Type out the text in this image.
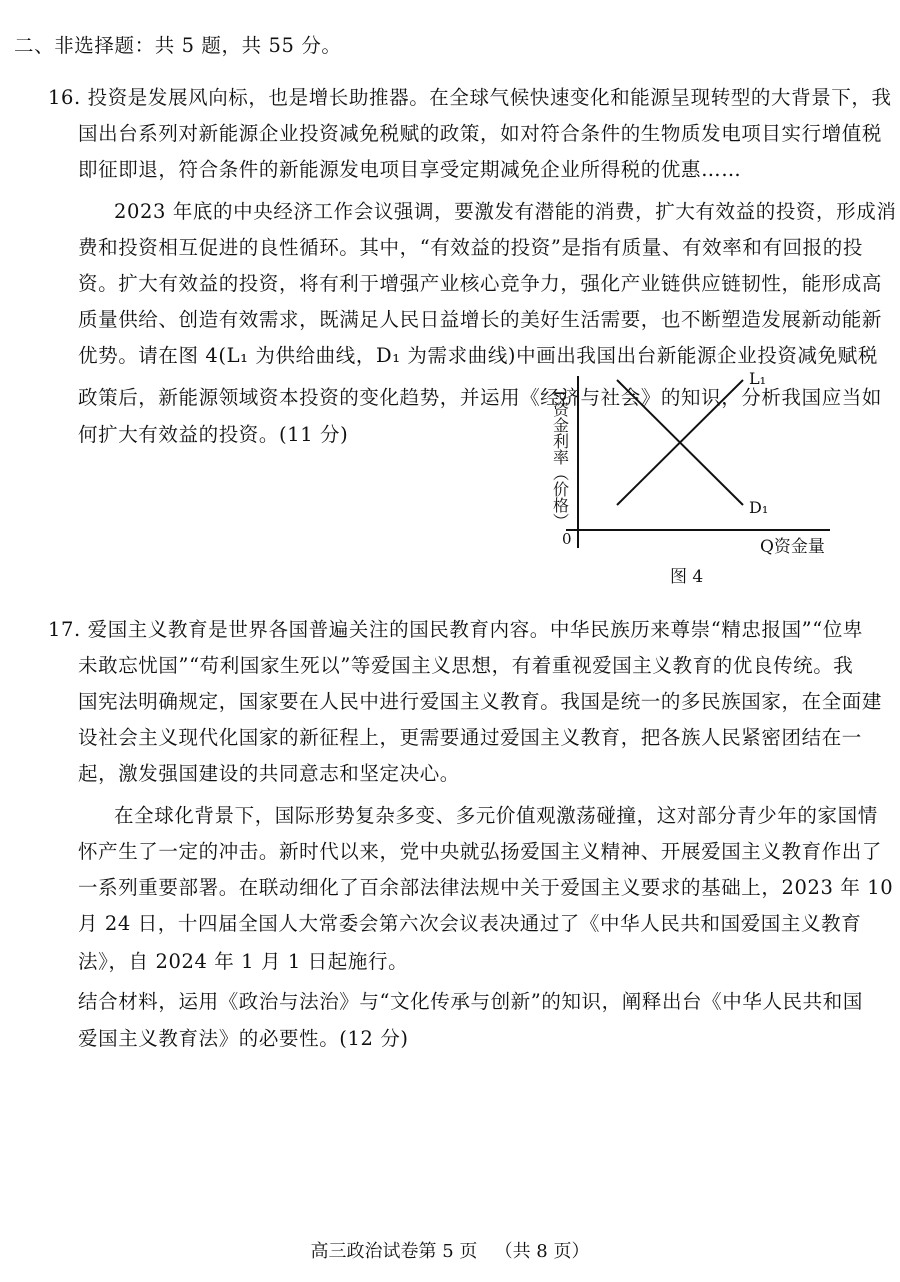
二、非选择题：共 5 题，共 55 分。
16. 投资是发展风向标，也是增长助推器。在全球气候快速变化和能源呈现转型的大背景下，我
国出台系列对新能源企业投资减免税赋的政策，如对符合条件的生物质发电项目实行增值税
即征即退，符合条件的新能源发电项目享受定期减免企业所得税的优惠……
2023 年底的中央经济工作会议强调，要激发有潜能的消费，扩大有效益的投资，形成消
费和投资相互促进的良性循环。其中，“有效益的投资”是指有质量、有效率和有回报的投
资。扩大有效益的投资，将有利于增强产业核心竞争力，强化产业链供应链韧性，能形成高
质量供给、创造有效需求，既满足人民日益增长的美好生活需要，也不断塑造发展新动能新
优势。请在图 4(L₁ 为供给曲线，D₁ 为需求曲线)中画出我国出台新能源企业投资减免赋税
政策后，新能源领域资本投资的变化趋势，并运用《经济与社会》的知识，分析我国应当如
何扩大有效益的投资。(11 分)
0	Q资金量
P资金利率（价格）
L₁
D₁
图 4
17. 爱国主义教育是世界各国普遍关注的国民教育内容。中华民族历来尊崇“精忠报国”“位卑
未敢忘忧国”“苟利国家生死以”等爱国主义思想，有着重视爱国主义教育的优良传统。我
国宪法明确规定，国家要在人民中进行爱国主义教育。我国是统一的多民族国家，在全面建
设社会主义现代化国家的新征程上，更需要通过爱国主义教育，把各族人民紧密团结在一
起，激发强国建设的共同意志和坚定决心。
在全球化背景下，国际形势复杂多变、多元价值观激荡碰撞，这对部分青少年的家国情
怀产生了一定的冲击。新时代以来，党中央就弘扬爱国主义精神、开展爱国主义教育作出了
一系列重要部署。在联动细化了百余部法律法规中关于爱国主义要求的基础上，2023 年 10
月 24 日，十四届全国人大常委会第六次会议表决通过了《中华人民共和国爱国主义教育
法》，自 2024 年 1 月 1 日起施行。
结合材料，运用《政治与法治》与“文化传承与创新”的知识，阐释出台《中华人民共和国
爱国主义教育法》的必要性。(12 分)
高三政治试卷第 5 页   （共 8 页）
